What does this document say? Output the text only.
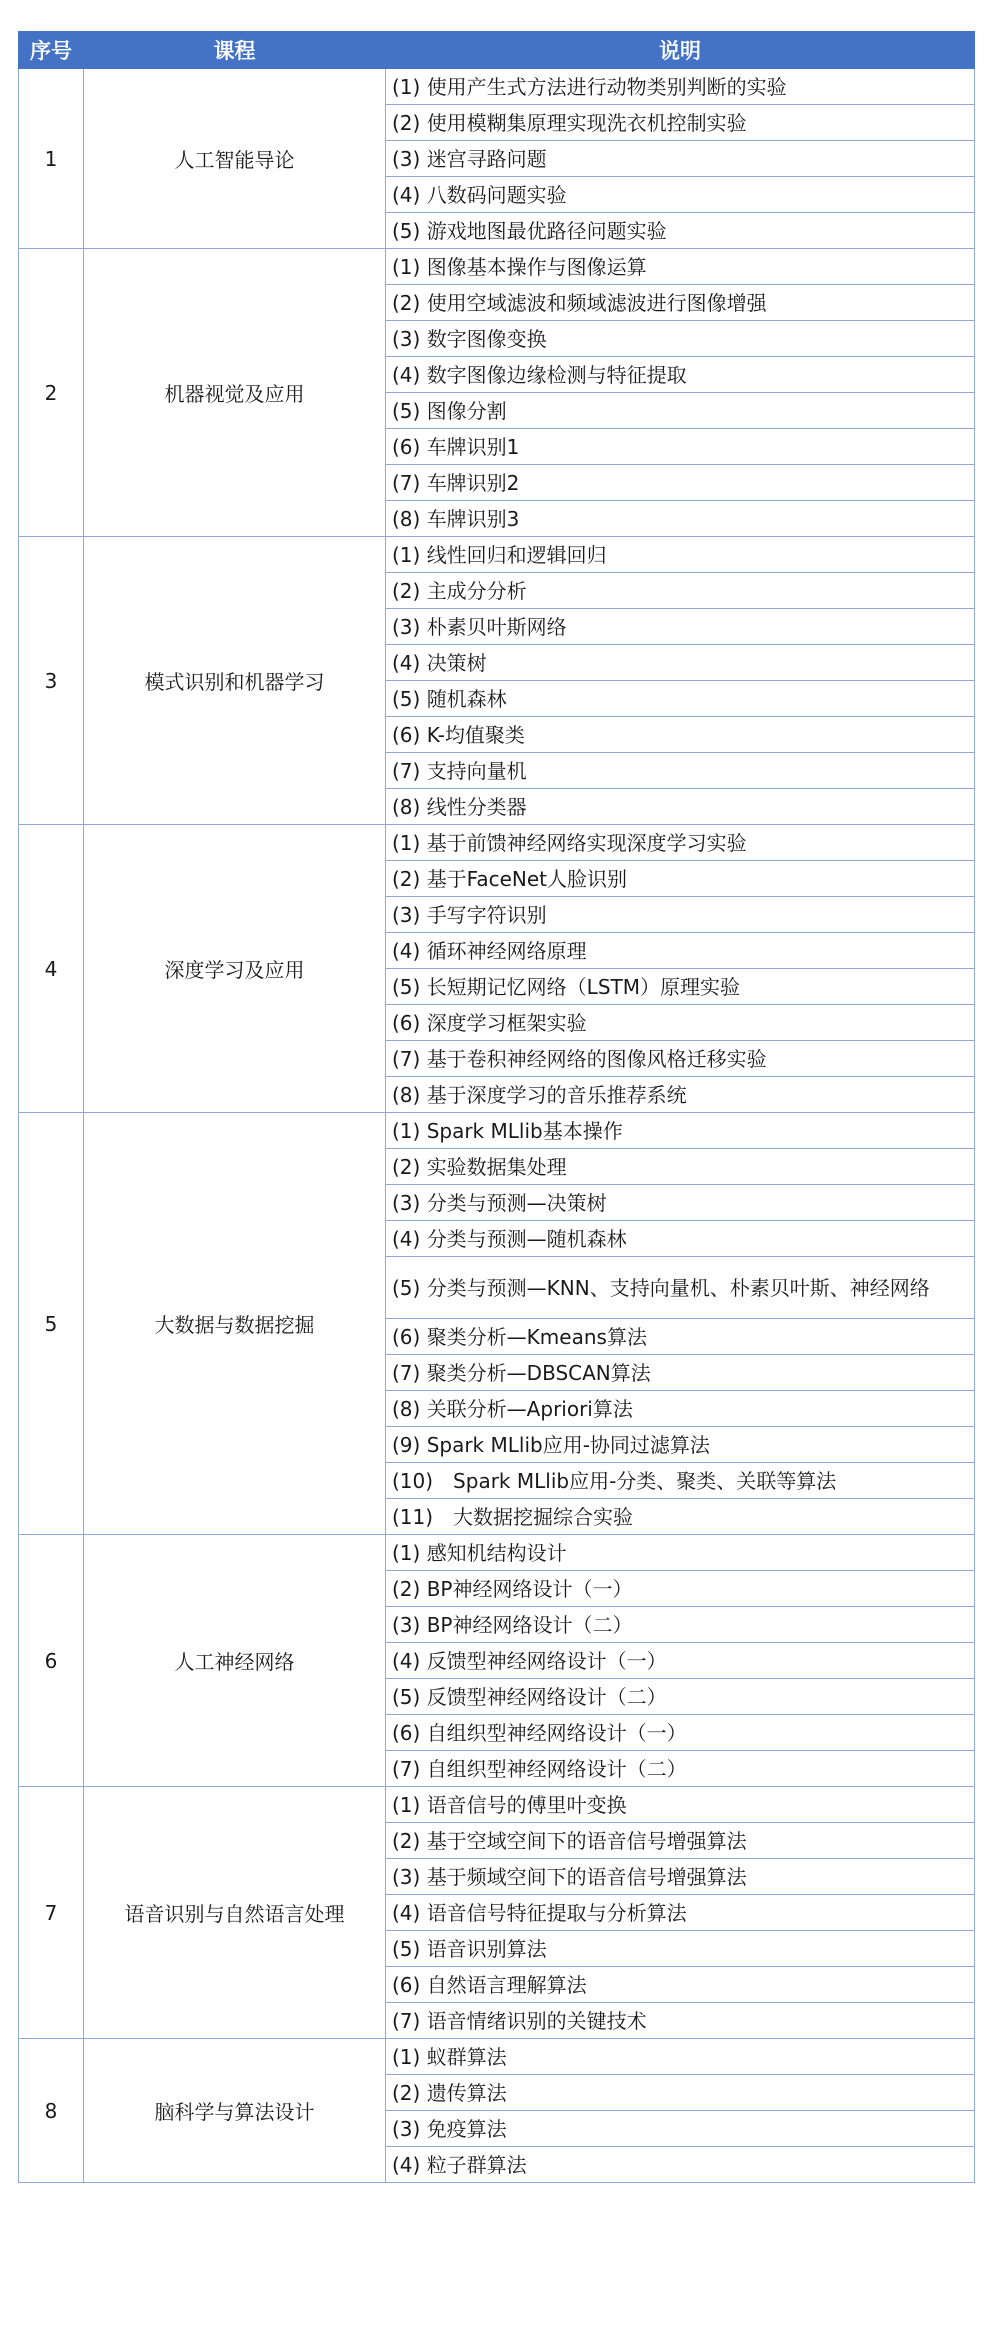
序号	课程	说明
1	人工智能导论	(1) 使用产生式方法进行动物类别判断的实验
		(2) 使用模糊集原理实现洗衣机控制实验
		(3) 迷宫寻路问题
		(4) 八数码问题实验
		(5) 游戏地图最优路径问题实验
2	机器视觉及应用	(1) 图像基本操作与图像运算
		(2) 使用空域滤波和频域滤波进行图像增强
		(3) 数字图像变换
		(4) 数字图像边缘检测与特征提取
		(5) 图像分割
		(6) 车牌识别1
		(7) 车牌识别2
		(8) 车牌识别3
3	模式识别和机器学习	(1) 线性回归和逻辑回归
		(2) 主成分分析
		(3) 朴素贝叶斯网络
		(4) 决策树
		(5) 随机森林
		(6) K-均值聚类
		(7) 支持向量机
		(8) 线性分类器
4	深度学习及应用	(1) 基于前馈神经网络实现深度学习实验
		(2) 基于FaceNet人脸识别
		(3) 手写字符识别
		(4) 循环神经网络原理
		(5) 长短期记忆网络（LSTM）原理实验
		(6) 深度学习框架实验
		(7) 基于卷积神经网络的图像风格迁移实验
		(8) 基于深度学习的音乐推荐系统
5	大数据与数据挖掘	(1) Spark MLlib基本操作
		(2) 实验数据集处理
		(3) 分类与预测—决策树
		(4) 分类与预测—随机森林
		(5) 分类与预测—KNN、支持向量机、朴素贝叶斯、神经网络
		(6) 聚类分析—Kmeans算法
		(7) 聚类分析—DBSCAN算法
		(8) 关联分析—Apriori算法
		(9) Spark MLlib应用-协同过滤算法
		(10)　Spark MLlib应用-分类、聚类、关联等算法
		(11)　大数据挖掘综合实验
6	人工神经网络	(1) 感知机结构设计
		(2) BP神经网络设计（一）
		(3) BP神经网络设计（二）
		(4) 反馈型神经网络设计（一）
		(5) 反馈型神经网络设计（二）
		(6) 自组织型神经网络设计（一）
		(7) 自组织型神经网络设计（二）
7	语音识别与自然语言处理	(1) 语音信号的傅里叶变换
		(2) 基于空域空间下的语音信号增强算法
		(3) 基于频域空间下的语音信号增强算法
		(4) 语音信号特征提取与分析算法
		(5) 语音识别算法
		(6) 自然语言理解算法
		(7) 语音情绪识别的关键技术
8	脑科学与算法设计	(1) 蚁群算法
		(2) 遗传算法
		(3) 免疫算法
		(4) 粒子群算法
